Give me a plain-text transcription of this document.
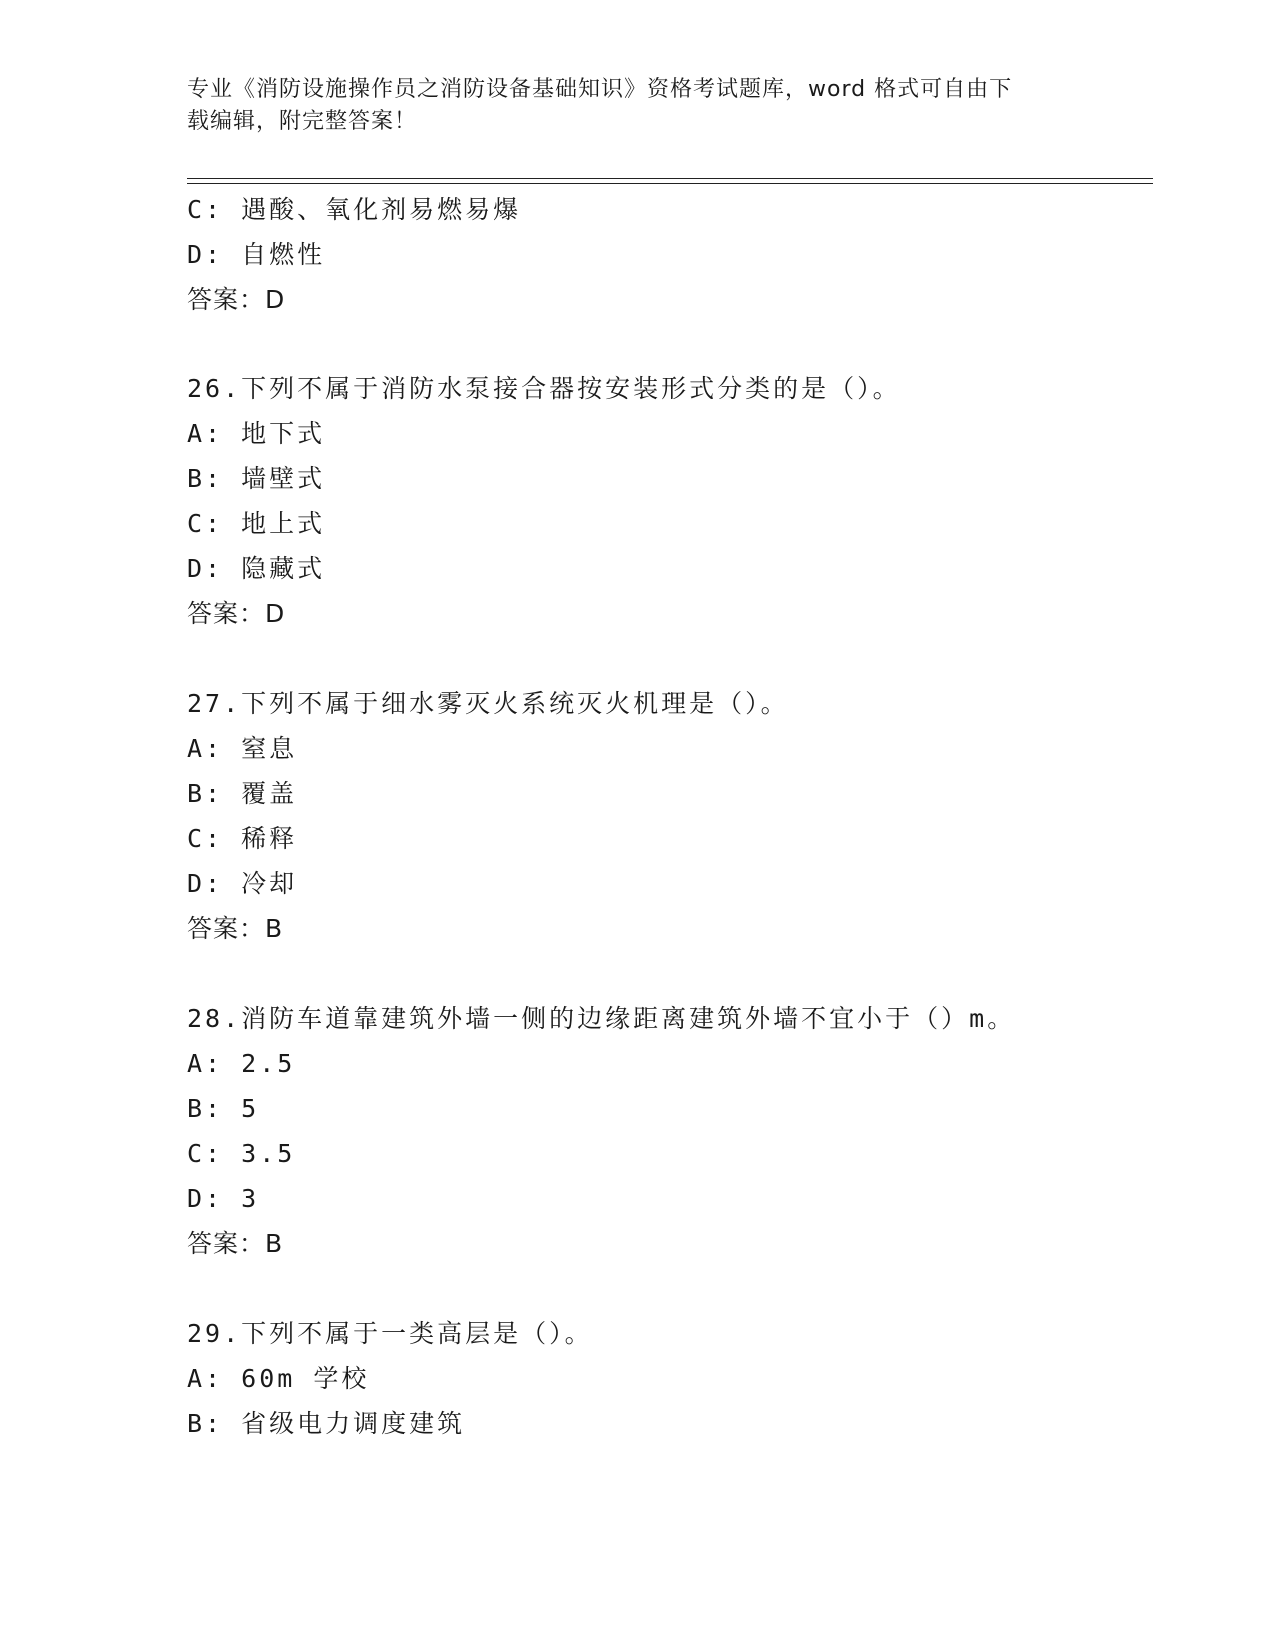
专业《消防设施操作员之消防设备基础知识》资格考试题库，word 格式可自由下
载编辑，附完整答案！
C: 遇酸、氧化剂易燃易爆
D: 自燃性
答案：D
26.下列不属于消防水泵接合器按安装形式分类的是（）。
A: 地下式
B: 墙壁式
C: 地上式
D: 隐藏式
答案：D
27.下列不属于细水雾灭火系统灭火机理是（）。
A: 窒息
B: 覆盖
C: 稀释
D: 冷却
答案：B
28.消防车道靠建筑外墙一侧的边缘距离建筑外墙不宜小于（）m。
A: 2.5
B: 5
C: 3.5
D: 3
答案：B
29.下列不属于一类高层是（）。
A: 60m 学校
B: 省级电力调度建筑
